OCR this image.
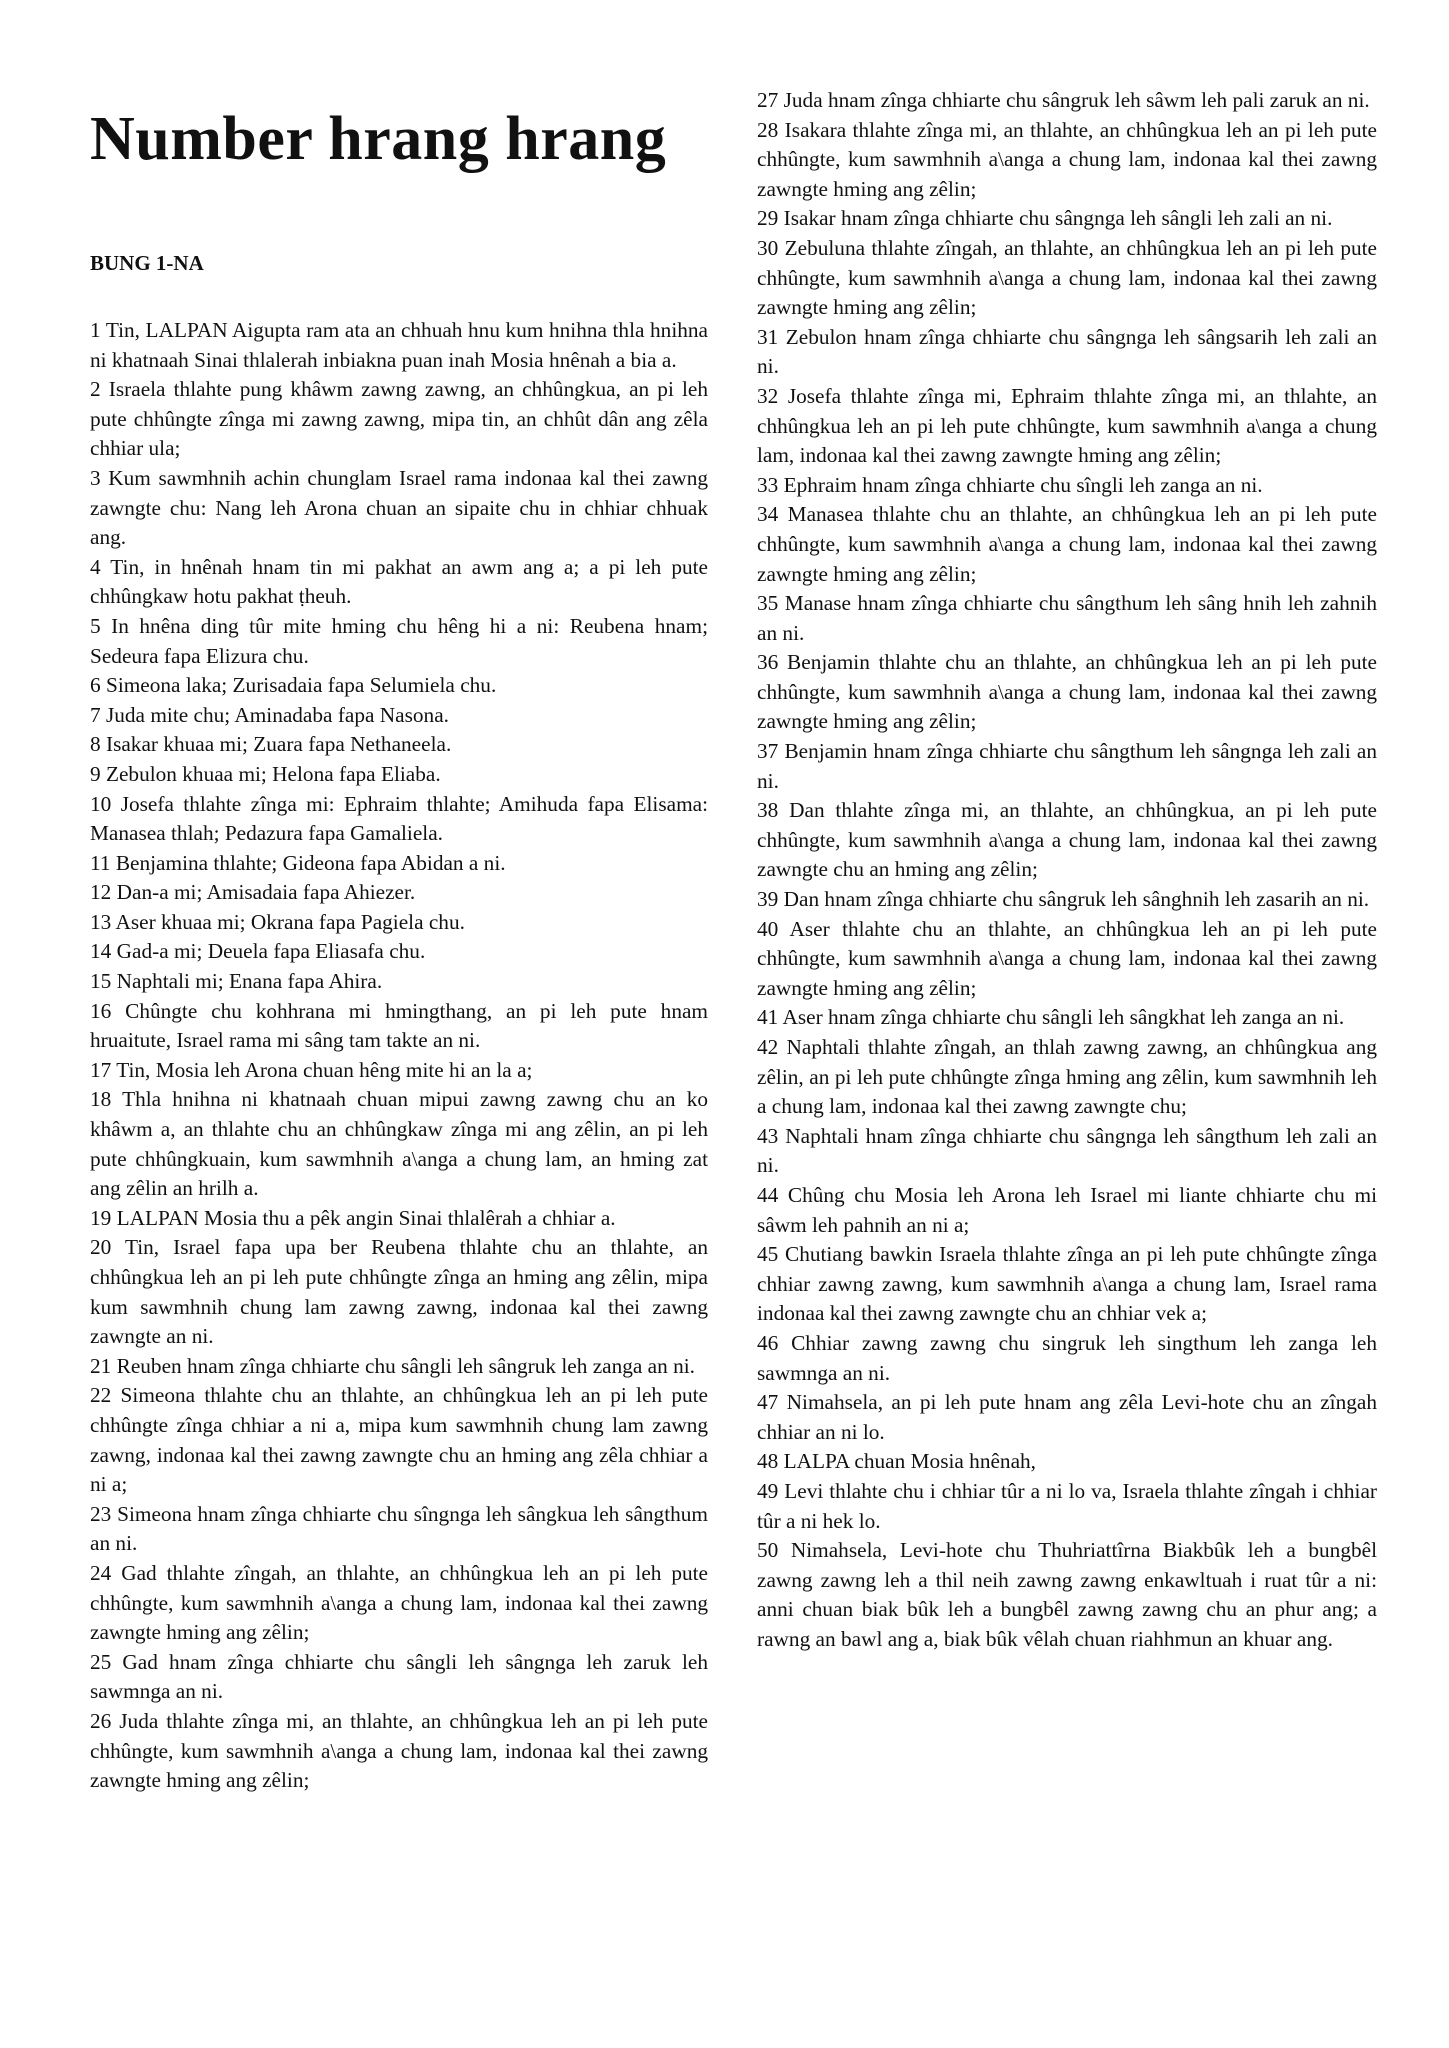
Number hrang hrang
BUNG 1-NA

1 Tin, LALPAN Aigupta ram ata an chhuah hnu kum hnihna thla hnihna ni khatnaah Sinai thlalerah inbiakna puan inah Mosia hnênah a bia a.

2 Israela thlahte pung khâwm zawng zawng, an chhûngkua, an pi leh pute chhûngte zînga mi zawng zawng, mipa tin, an chhût dân ang zêla chhiar ula;

3 Kum sawmhnih achin chunglam Israel rama indonaa kal thei zawng zawngte chu: Nang leh Arona chuan an sipaite chu in chhiar chhuak ang.

4 Tin, in hnênah hnam tin mi pakhat an awm ang a; a pi leh pute chhûngkaw hotu pakhat ṭheuh.

5 In hnêna ding tûr mite hming chu hêng hi a ni: Reubena hnam; Sedeura fapa Elizura chu.

6 Simeona laka; Zurisadaia fapa Selumiela chu.

7 Juda mite chu; Aminadaba fapa Nasona.

8 Isakar khuaa mi; Zuara fapa Nethaneela.

9 Zebulon khuaa mi; Helona fapa Eliaba.

10 Josefa thlahte zînga mi: Ephraim thlahte; Amihuda fapa Elisama: Manasea thlah; Pedazura fapa Gamaliela.

11 Benjamina thlahte; Gideona fapa Abidan a ni.

12 Dan-a mi; Amisadaia fapa Ahiezer.

13 Aser khuaa mi; Okrana fapa Pagiela chu.

14 Gad-a mi; Deuela fapa Eliasafa chu.

15 Naphtali mi; Enana fapa Ahira.

16 Chûngte chu kohhrana mi hmingthang, an pi leh pute hnam hruaitute, Israel rama mi sâng tam takte an ni.

17 Tin, Mosia leh Arona chuan hêng mite hi an la a;

18 Thla hnihna ni khatnaah chuan mipui zawng zawng chu an ko khâwm a, an thlahte chu an chhûngkaw zînga mi ang zêlin, an pi leh pute chhûngkuain, kum sawmhnih a\anga a chung lam, an hming zat ang zêlin an hrilh a.

19 LALPAN Mosia thu a pêk angin Sinai thlalêrah a chhiar a.

20 Tin, Israel fapa upa ber Reubena thlahte chu an thlahte, an chhûngkua leh an pi leh pute chhûngte zînga an hming ang zêlin, mipa kum sawmhnih chung lam zawng zawng, indonaa kal thei zawng zawngte an ni.

21 Reuben hnam zînga chhiarte chu sângli leh sângruk leh zanga an ni.

22 Simeona thlahte chu an thlahte, an chhûngkua leh an pi leh pute chhûngte zînga chhiar a ni a, mipa kum sawmhnih chung lam zawng zawng, indonaa kal thei zawng zawngte chu an hming ang zêla chhiar a ni a;

23 Simeona hnam zînga chhiarte chu sîngnga leh sângkua leh sângthum an ni.

24 Gad thlahte zîngah, an thlahte, an chhûngkua leh an pi leh pute chhûngte, kum sawmhnih a\anga a chung lam, indonaa kal thei zawng zawngte hming ang zêlin;

25 Gad hnam zînga chhiarte chu sângli leh sângnga leh zaruk leh sawmnga an ni.

26 Juda thlahte zînga mi, an thlahte, an chhûngkua leh an pi leh pute chhûngte, kum sawmhnih a\anga a chung lam, indonaa kal thei zawng zawngte hming ang zêlin;

27 Juda hnam zînga chhiarte chu sângruk leh sâwm leh pali zaruk an ni.

28 Isakara thlahte zînga mi, an thlahte, an chhûngkua leh an pi leh pute chhûngte, kum sawmhnih a\anga a chung lam, indonaa kal thei zawng zawngte hming ang zêlin;

29 Isakar hnam zînga chhiarte chu sângnga leh sângli leh zali an ni.

30 Zebuluna thlahte zîngah, an thlahte, an chhûngkua leh an pi leh pute chhûngte, kum sawmhnih a\anga a chung lam, indonaa kal thei zawng zawngte hming ang zêlin;

31 Zebulon hnam zînga chhiarte chu sângnga leh sângsarih leh zali an ni.

32 Josefa thlahte zînga mi, Ephraim thlahte zînga mi, an thlahte, an chhûngkua leh an pi leh pute chhûngte, kum sawmhnih a\anga a chung lam, indonaa kal thei zawng zawngte hming ang zêlin;

33 Ephraim hnam zînga chhiarte chu sîngli leh zanga an ni.

34 Manasea thlahte chu an thlahte, an chhûngkua leh an pi leh pute chhûngte, kum sawmhnih a\anga a chung lam, indonaa kal thei zawng zawngte hming ang zêlin;

35 Manase hnam zînga chhiarte chu sângthum leh sâng hnih leh zahnih an ni.

36 Benjamin thlahte chu an thlahte, an chhûngkua leh an pi leh pute chhûngte, kum sawmhnih a\anga a chung lam, indonaa kal thei zawng zawngte hming ang zêlin;

37 Benjamin hnam zînga chhiarte chu sângthum leh sângnga leh zali an ni.

38 Dan thlahte zînga mi, an thlahte, an chhûngkua, an pi leh pute chhûngte, kum sawmhnih a\anga a chung lam, indonaa kal thei zawng zawngte chu an hming ang zêlin;

39 Dan hnam zînga chhiarte chu sângruk leh sânghnih leh zasarih an ni.

40 Aser thlahte chu an thlahte, an chhûngkua leh an pi leh pute chhûngte, kum sawmhnih a\anga a chung lam, indonaa kal thei zawng zawngte hming ang zêlin;

41 Aser hnam zînga chhiarte chu sângli leh sângkhat leh zanga an ni.

42 Naphtali thlahte zîngah, an thlah zawng zawng, an chhûngkua ang zêlin, an pi leh pute chhûngte zînga hming ang zêlin, kum sawmhnih leh a chung lam, indonaa kal thei zawng zawngte chu;

43 Naphtali hnam zînga chhiarte chu sângnga leh sângthum leh zali an ni.

44 Chûng chu Mosia leh Arona leh Israel mi liante chhiarte chu mi sâwm leh pahnih an ni a;

45 Chutiang bawkin Israela thlahte zînga an pi leh pute chhûngte zînga chhiar zawng zawng, kum sawmhnih a\anga a chung lam, Israel rama indonaa kal thei zawng zawngte chu an chhiar vek a;

46 Chhiar zawng zawng chu singruk leh singthum leh zanga leh sawmnga an ni.

47 Nimahsela, an pi leh pute hnam ang zêla Levi-hote chu an zîngah chhiar an ni lo.

48 LALPA chuan Mosia hnênah,

49 Levi thlahte chu i chhiar tûr a ni lo va, Israela thlahte zîngah i chhiar tûr a ni hek lo.

50 Nimahsela, Levi-hote chu Thuhriattîrna Biakbûk leh a bungbêl zawng zawng leh a thil neih zawng zawng enkawltuah i ruat tûr a ni: anni chuan biak bûk leh a bungbêl zawng zawng chu an phur ang; a rawng an bawl ang a, biak bûk vêlah chuan riahhmun an khuar ang.
